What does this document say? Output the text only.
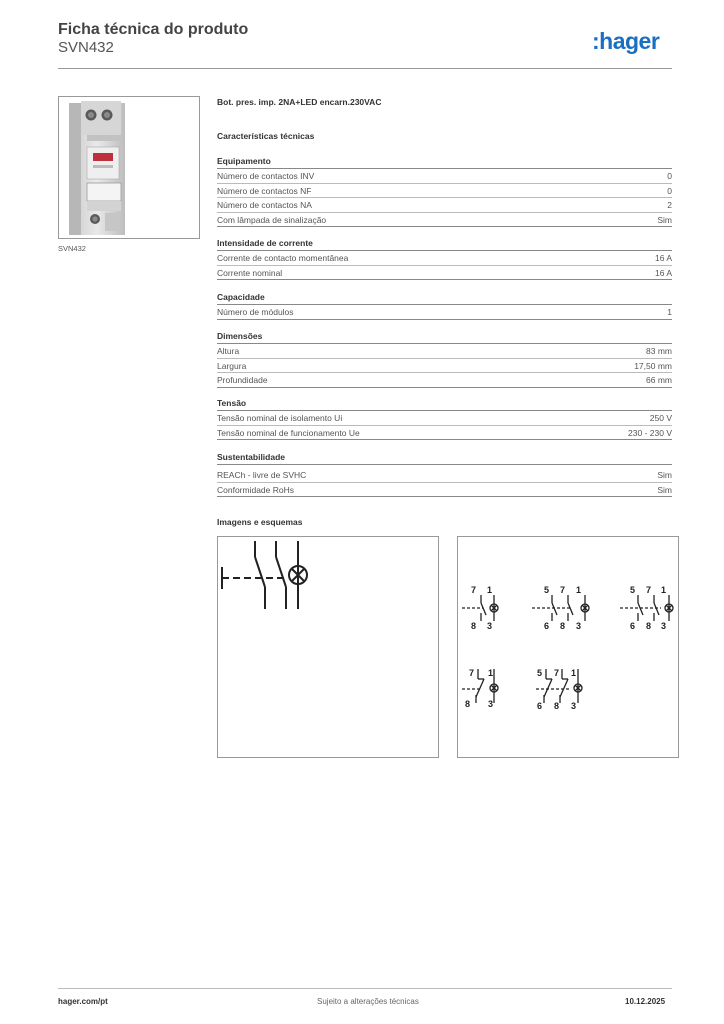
Ficha técnica do produto
SVN432	:hager
SVN432
Bot. pres. imp. 2NA+LED encarn.230VAC
Características técnicas
Equipamento
Número de contactos INV	0
Número de contactos NF	0
Número de contactos NA	2
Com lâmpada de sinalização	Sim
Intensidade de corrente
Corrente de contacto momentânea	16 A
Corrente nominal	16 A
Capacidade
Número de módulos	1
Dimensões
Altura	83 mm
Largura	17,50 mm
Profundidade	66 mm
Tensão
Tensão nominal de isolamento Ui	250 V
Tensão nominal de funcionamento Ue	230 - 230 V
Sustentabilidade
REACh - livre de SVHC	Sim
Conformidade RoHs	Sim
Imagens e esquemas
7 1
8 3
5 7 1
6 8 3
5 7 1
6 8 3
7 1
8 3
5 7 1
6 8 3
hager.com/pt	Sujeito a alterações técnicas	10.12.2025
